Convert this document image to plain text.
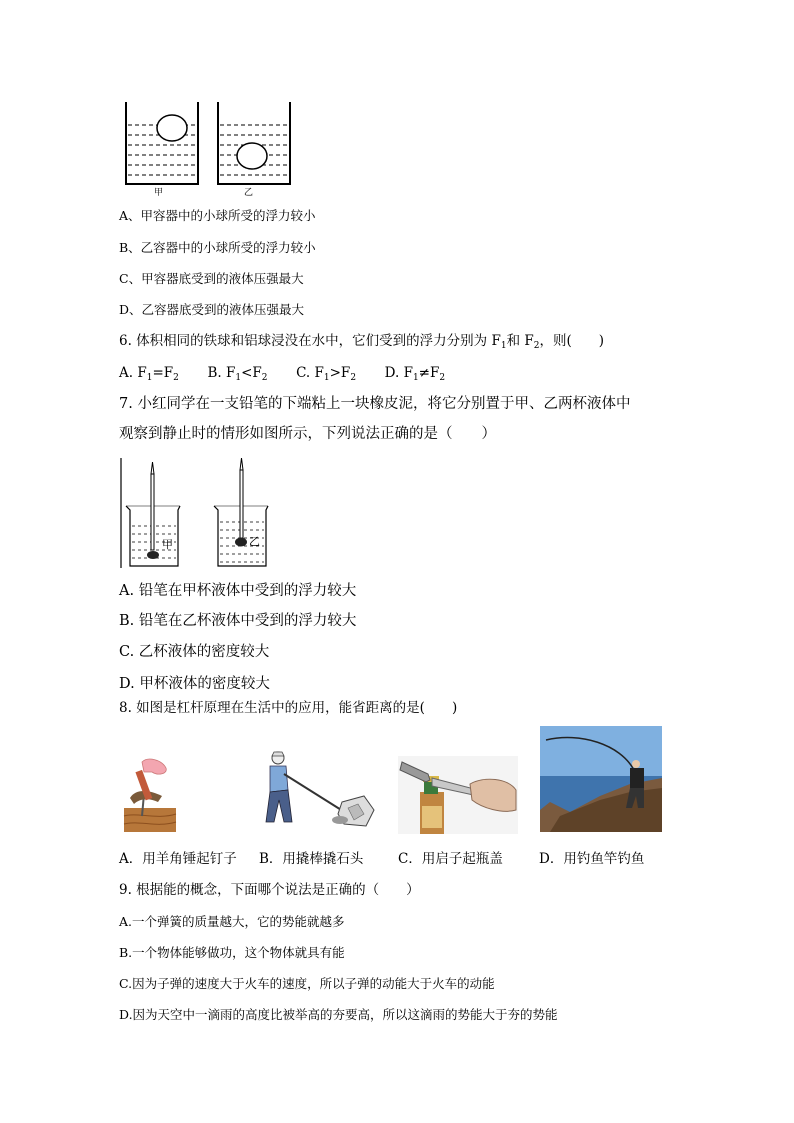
甲	乙
A、甲容器中的小球所受的浮力较小
B、乙容器中的小球所受的浮力较小
C、甲容器底受到的液体压强最大
D、乙容器底受到的液体压强最大
6. 体积相同的铁球和铝球浸没在水中，它们受到的浮力分别为 $F_1$和 $F_2$，则(　　)
A. $F_1=F_2$ B. $F_1<F_2$ C. $F_1>F_2$ D. $F_1\ne F_2$
7. 小红同学在一支铅笔的下端粘上一块橡皮泥，将它分别置于甲、乙两杯液体中
观察到静止时的情形如图所示，下列说法正确的是（　　）
甲	乙
A. 铅笔在甲杯液体中受到的浮力较大
B. 铅笔在乙杯液体中受到的浮力较大
C. 乙杯液体的密度较大
D. 甲杯液体的密度较大
8. 如图是杠杆原理在生活中的应用，能省距离的是(　　)
A．用羊角锤起钉子 B．用撬棒撬石头	C．用启子起瓶盖	D．用钓鱼竿钓鱼
9. 根据能的概念，下面哪个说法是正确的（　　）
A.一个弹簧的质量越大，它的势能就越多
B.一个物体能够做功，这个物体就具有能
C.因为子弹的速度大于火车的速度，所以子弹的动能大于火车的动能
D.因为天空中一滴雨的高度比被举高的夯要高，所以这滴雨的势能大于夯的势能
